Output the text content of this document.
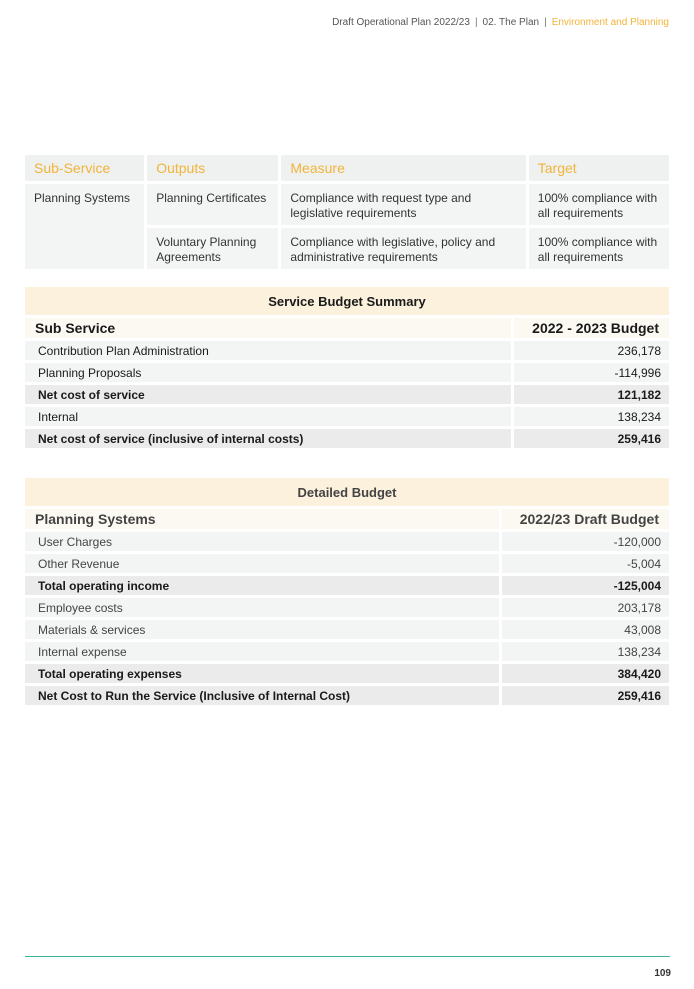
Draft Operational Plan 2022/23 | 02. The Plan | Environment and Planning
Sub-Service	Outputs	Measure	Target
Planning Systems	Planning Certificates	Compliance with request type and legislative requirements	100% compliance with all requirements
	Voluntary Planning Agreements	Compliance with legislative, policy and administrative requirements	100% compliance with all requirements
Service Budget Summary	
Sub Service	2022 - 2023 Budget
Contribution Plan Administration	236,178
Planning Proposals	-114,996
Net cost of service	121,182
Internal	138,234
Net cost of service (inclusive of internal costs)	259,416
Detailed Budget	
Planning Systems	2022/23 Draft Budget
User Charges	-120,000
Other Revenue	-5,004
Total operating income	-125,004
Employee costs	203,178
Materials & services	43,008
Internal expense	138,234
Total operating expenses	384,420
Net Cost to Run the Service (Inclusive of Internal Cost)	259,416
109
